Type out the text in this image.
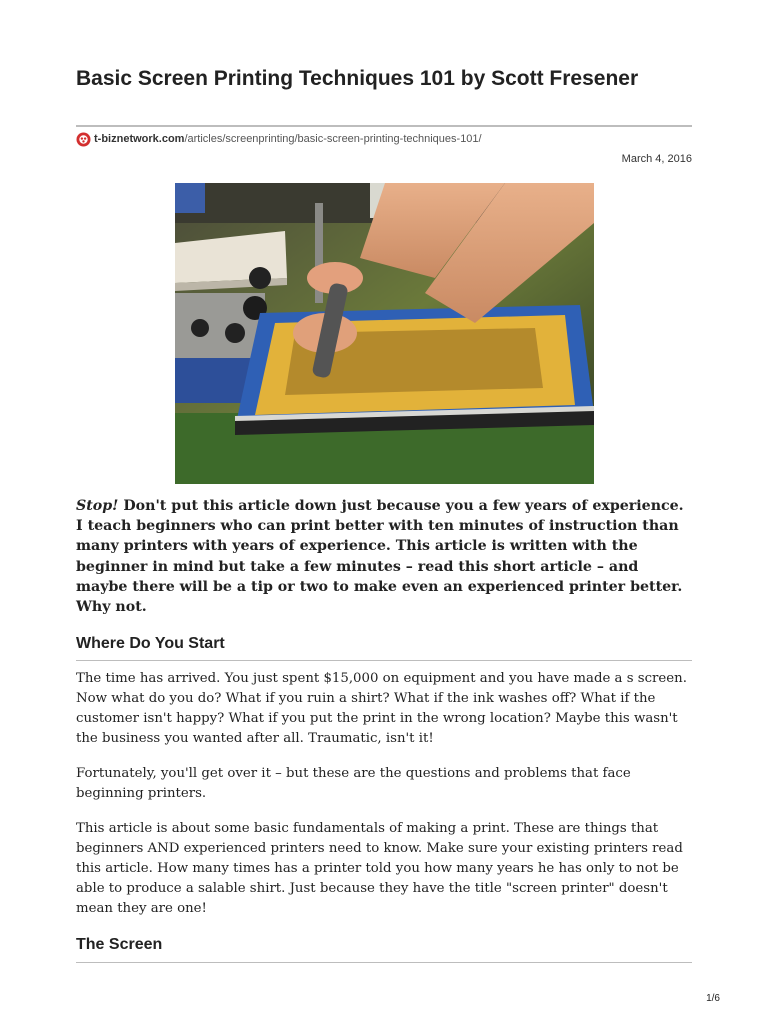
Basic Screen Printing Techniques 101 by Scott Fresener
t-biznetwork.com /articles/screenprinting/basic-screen-printing-techniques-101/
March 4, 2016

Stop! Don't put this article down just because you a few years of experience. I teach beginners who can print better with ten minutes of instruction than many printers with years of experience. This article is written with the beginner in mind but take a few minutes – read this short article – and maybe there will be a tip or two to make even an experienced printer better. Why not.

Where Do You Start

The time has arrived. You just spent $15,000 on equipment and you have made a s screen. Now what do you do? What if you ruin a shirt? What if the ink washes off? What if the customer isn't happy? What if you put the print in the wrong location? Maybe this wasn't the business you wanted after all. Traumatic, isn't it!

Fortunately, you'll get over it – but these are the questions and problems that face beginning printers.

This article is about some basic fundamentals of making a print. These are things that beginners AND experienced printers need to know. Make sure your existing printers read this article. How many times has a printer told you how many years he has only to not be able to produce a salable shirt. Just because they have the title "screen printer" doesn't mean they are one!

The Screen
1/6
